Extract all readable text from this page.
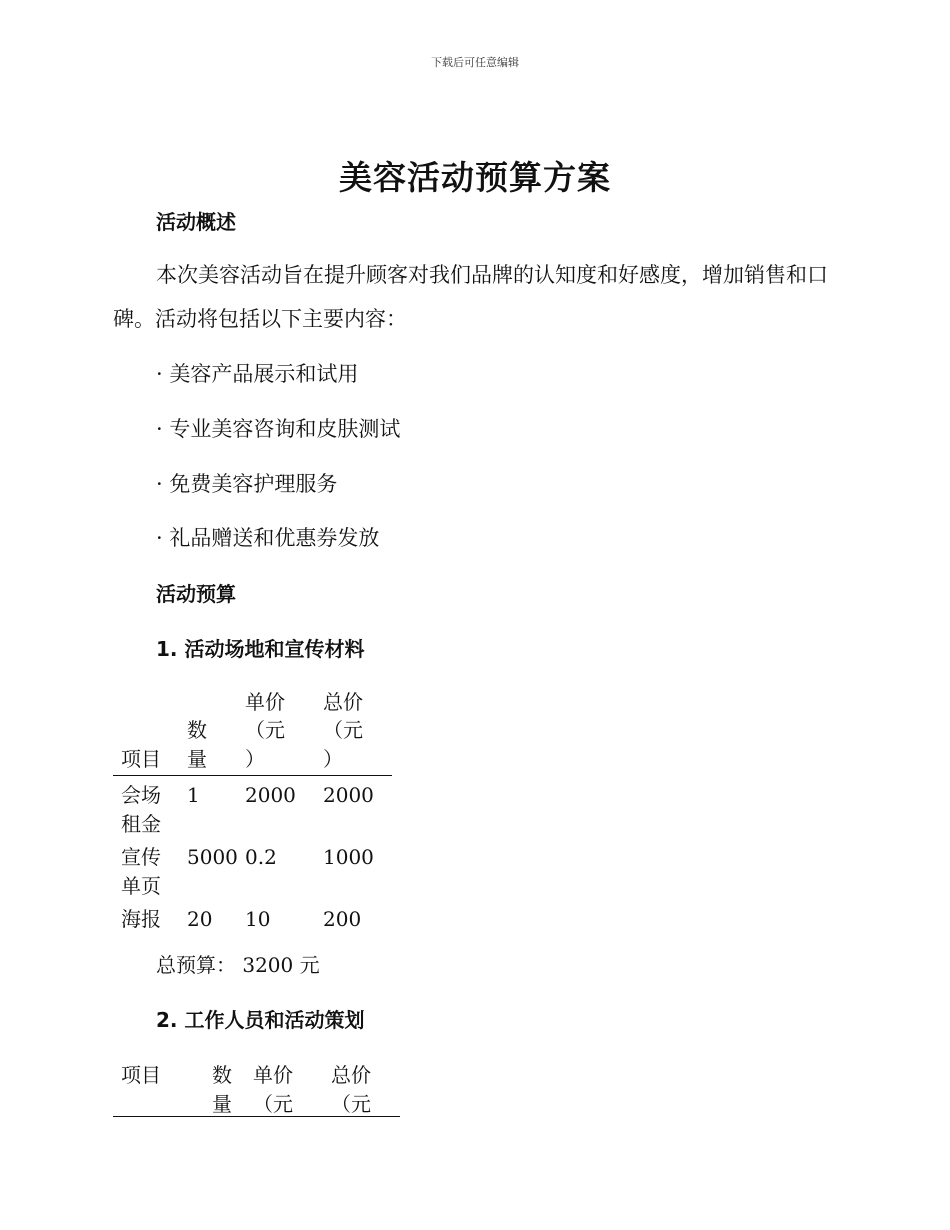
下载后可任意编辑
美容活动预算方案
活动概述
本次美容活动旨在提升顾客对我们品牌的认知度和好感度，增加销售和口碑。活动将包括以下主要内容：
· 美容产品展示和试用
· 专业美容咨询和皮肤测试
· 免费美容护理服务
· 礼品赠送和优惠券发放
活动预算
1. 活动场地和宣传材料
项目
数
量
单价
（元
）
总价
（元
）
会场
租金
1 2000 2000
宣传
单页
5000 0.2 1000
海报 20 10	200
总预算： 3200 元
2. 工作人员和活动策划
项目	数
量
单价
（元
总价
（元
